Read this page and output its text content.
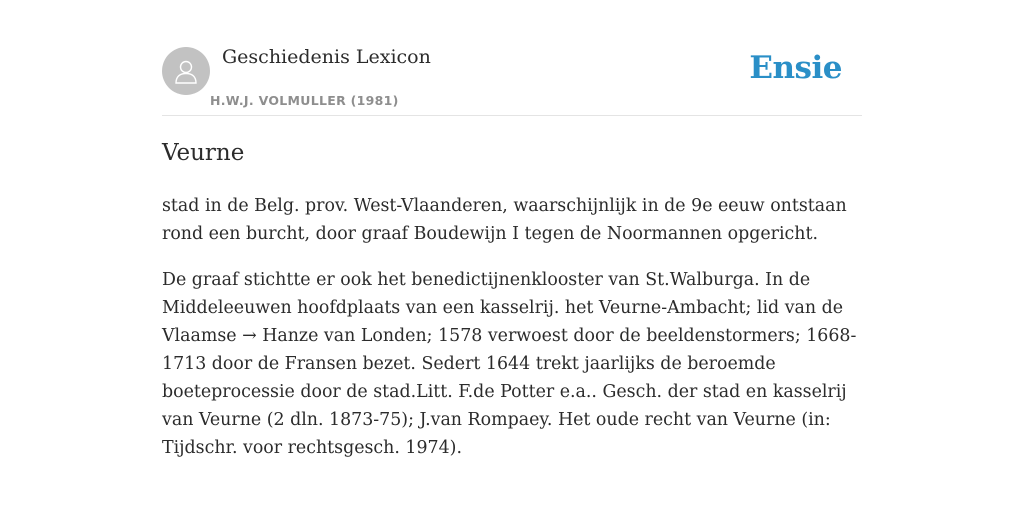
Geschiedenis Lexicon
H.W.J. VOLMULLER (1981)
Ensie
Veurne

stad in de Belg. prov. West-Vlaanderen, waarschijnlijk in de 9e eeuw ontstaan rond een burcht, door graaf Boudewijn I tegen de Noormannen opgericht.

De graaf stichtte er ook het benedictijnenklooster van St.Walburga. In de Middeleeuwen hoofdplaats van een kasselrij. het Veurne-Ambacht; lid van de Vlaamse → Hanze van Londen; 1578 verwoest door de beeldenstormers; 1668-1713 door de Fransen bezet. Sedert 1644 trekt jaarlijks de beroemde boeteprocessie door de stad.Litt. F.de Potter e.a.. Gesch. der stad en kasselrij van Veurne (2 dln. 1873-75); J.van Rompaey. Het oude recht van Veurne (in: Tijdschr. voor rechtsgesch. 1974).
